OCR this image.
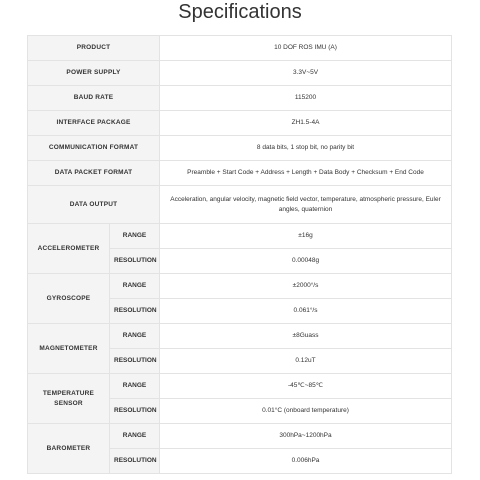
Specifications
PRODUCT		10 DOF ROS IMU (A)
POWER SUPPLY		3.3V~5V
BAUD RATE		115200
INTERFACE PACKAGE		ZH1.5-4A
COMMUNICATION FORMAT		8 data bits, 1 stop bit, no parity bit
DATA PACKET FORMAT		Preamble + Start Code + Address + Length + Data Body + Checksum + End Code
DATA OUTPUT		Acceleration, angular velocity, magnetic field vector, temperature, atmospheric pressure, Euler angles, quaternion
ACCELEROMETER	RANGE	±16g
	RESOLUTION	0.00048g
GYROSCOPE	RANGE	±2000°/s
	RESOLUTION	0.061°/s
MAGNETOMETER	RANGE	±8Guass
	RESOLUTION	0.12uT
TEMPERATURE SENSOR	RANGE	-45℃~85℃
	RESOLUTION	0.01°C (onboard temperature)
BAROMETER	RANGE	300hPa~1200hPa
	RESOLUTION	0.006hPa
